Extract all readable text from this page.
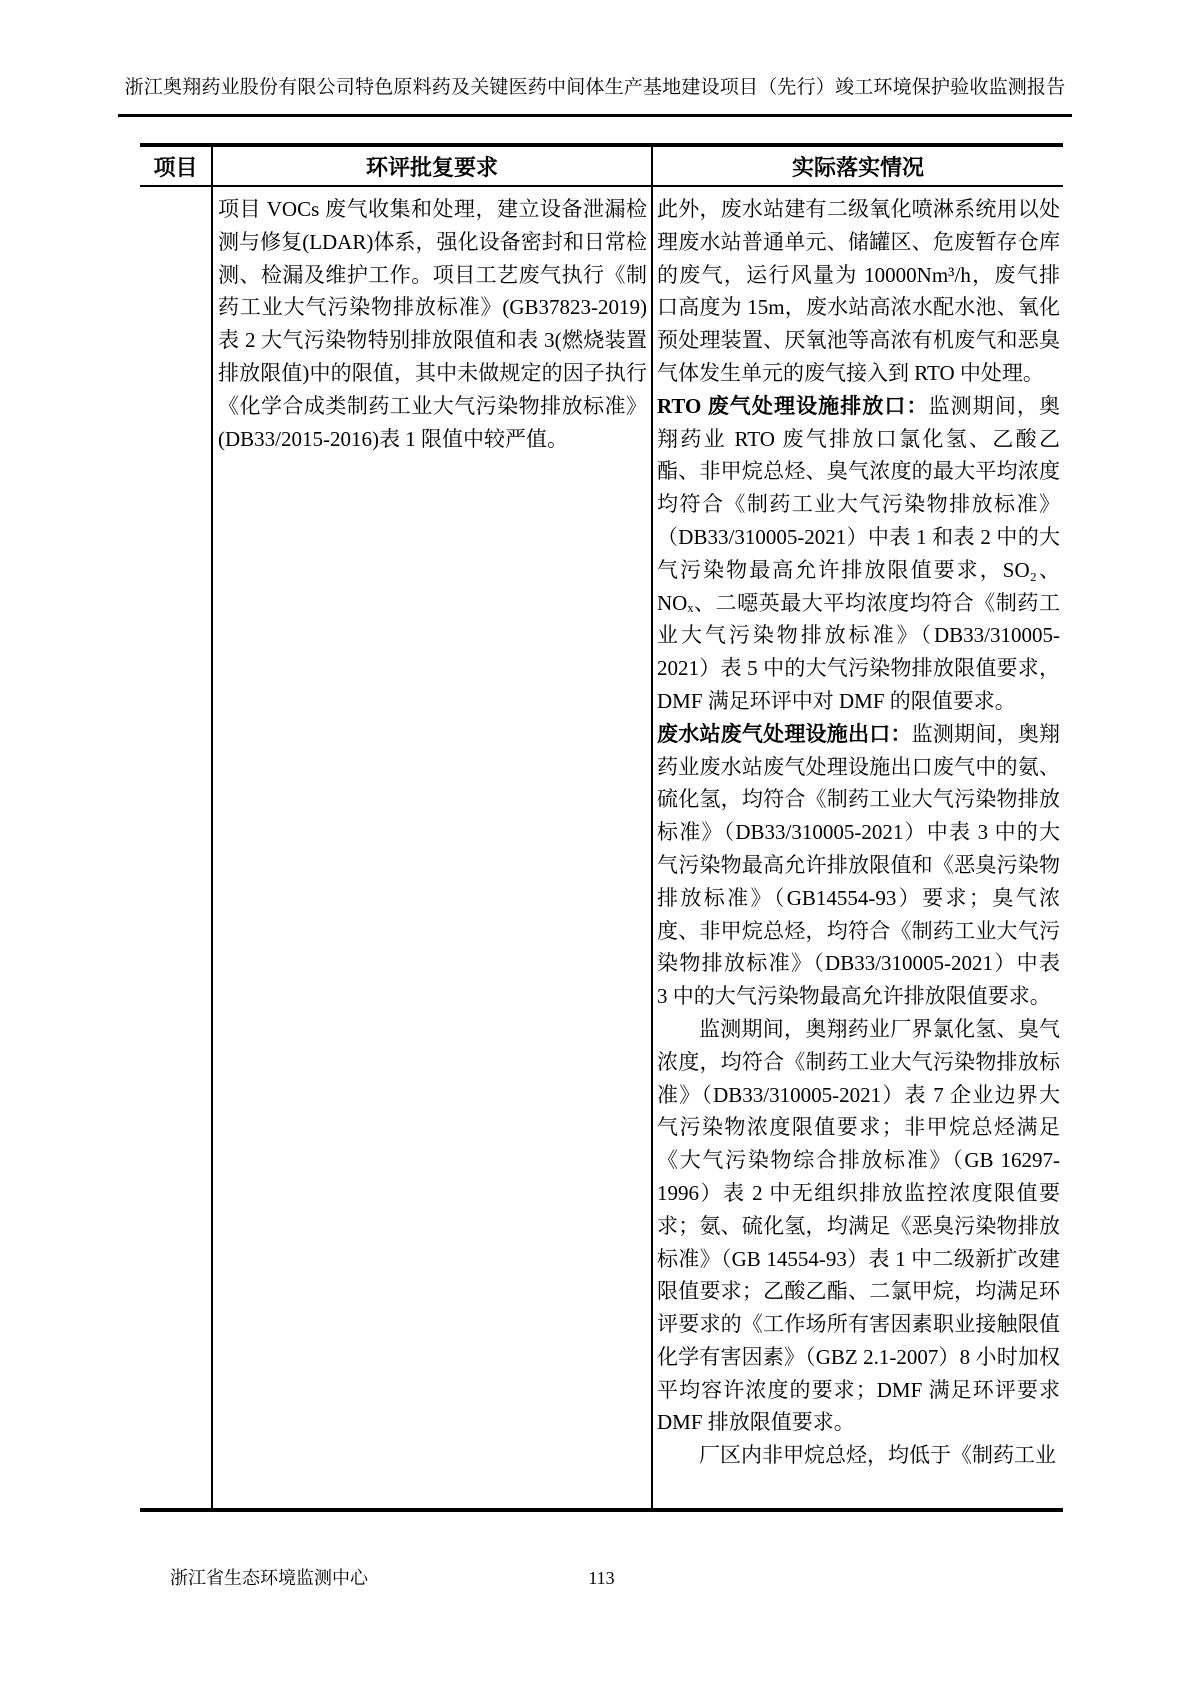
浙江奥翔药业股份有限公司特色原料药及关键医药中间体生产基地建设项目（先行）竣工环境保护验收监测报告
项目	环评批复要求	实际落实情况

项目 VOCs 废气收集和处理，建立设备泄漏检测与修复(LDAR)体系，强化设备密封和日常检测、检漏及维护工作。项目工艺废气执行《制药工业大气污染物排放标准》(GB37823-2019)表 2 大气污染物特别排放限值和表 3(燃烧装置排放限值)中的限值，其中未做规定的因子执行《化学合成类制药工业大气污染物排放标准》(DB33/2015-2016)表 1 限值中较严值。

此外，废水站建有二级氧化喷淋系统用以处理废水站普通单元、储罐区、危废暂存仓库的废气，运行风量为 10000Nm³/h，废气排口高度为 15m，废水站高浓水配水池、氧化预处理装置、厌氧池等高浓有机废气和恶臭气体发生单元的废气接入到 RTO 中处理。

RTO 废气处理设施排放口：监测期间，奥翔药业 RTO 废气排放口氯化氢、乙酸乙酯、非甲烷总烃、臭气浓度的最大平均浓度均符合《制药工业大气污染物排放标准》（DB33/310005-2021）中表 1 和表 2 中的大气污染物最高允许排放限值要求，SO₂、NOₓ、二噁英最大平均浓度均符合《制药工业大气污染物排放标准》（DB33/310005-2021）表 5 中的大气污染物排放限值要求，DMF 满足环评中对 DMF 的限值要求。

废水站废气处理设施出口：监测期间，奥翔药业废水站废气处理设施出口废气中的氨、硫化氢，均符合《制药工业大气污染物排放标准》（DB33/310005-2021）中表 3 中的大气污染物最高允许排放限值和《恶臭污染物排放标准》（GB14554-93）要求；臭气浓度、非甲烷总烃，均符合《制药工业大气污染物排放标准》（DB33/310005-2021）中表 3 中的大气污染物最高允许排放限值要求。

监测期间，奥翔药业厂界氯化氢、臭气浓度，均符合《制药工业大气污染物排放标准》（DB33/310005-2021）表 7 企业边界大气污染物浓度限值要求；非甲烷总烃满足《大气污染物综合排放标准》（GB 16297-1996）表 2 中无组织排放监控浓度限值要求；氨、硫化氢，均满足《恶臭污染物排放标准》（GB 14554-93）表 1 中二级新扩改建限值要求；乙酸乙酯、二氯甲烷，均满足环评要求的《工作场所有害因素职业接触限值 化学有害因素》（GBZ 2.1-2007）8 小时加权平均容许浓度的要求；DMF 满足环评要求 DMF 排放限值要求。

厂区内非甲烷总烃，均低于《制药工业

113
浙江省生态环境监测中心
